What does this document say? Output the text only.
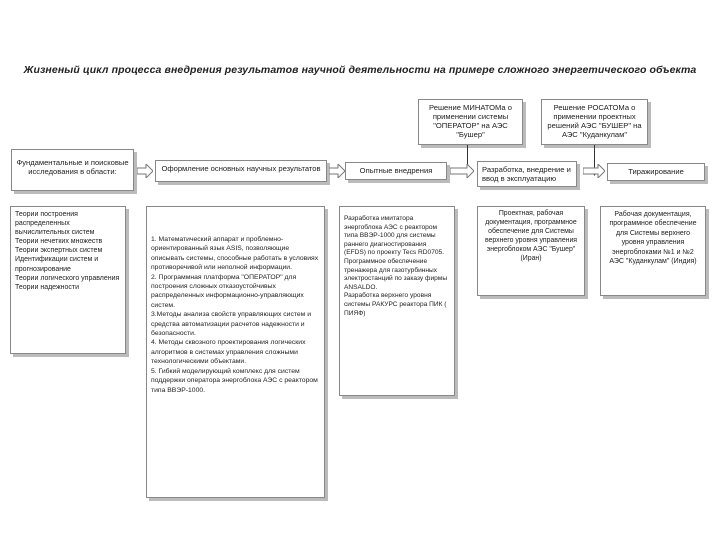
Жизненый цикл процесса внедрения результатов научной деятельности на примере сложного энергетического объекта
Решение МИНАТОМа о применении системы "ОПЕРАТОР" на АЭС "Бушер"
Решение РОСАТОМа о применении проектных решений АЭС "БУШЕР" на АЭС "Куданкулам"
Фундаментальные и поисковые исследования в области:	Оформление основных научных результатов	Опытные внедрения	Разработка, внедрение и ввод в эксплуатацию
Тиражирование

Теории построения распределенных вычислительных систем

Теории нечетких множеств

Теории экспертных систем

Идентификации систем и прогнозирование

Теории логического управления

Теории надежности

1. Математический аппарат и проблемно-ориентированный язык ASIS, позволяющие описывать системы, способные работать в условиях противоречивой или неполной информации.

2. Программная платформа "ОПЕРАТОР" для построения сложных отказоустойчивых распределенных информационно-управляющих систем.

3.Методы анализа свойств управляющих систем и средства автоматизации расчетов надежности и безопасности.

4. Методы сквозного проектирования логических алгоритмов в системах управления сложными технологическими объектами.

5. Гибкий моделирующий комплекс для систем поддержки оператора энергоблока АЭС с реактором типа ВВЭР-1000.

Разработка имитатора энергоблока АЭС с реактором типа ВВЭР-1000 для системы раннего диагностирования (EFDS) по проекту Tecs RD0705.

Программное обеспечение тренажера для газотурбинных электростанций по заказу фирмы ANSALDO.

Разработка верхнего уровня системы РАКУРС реактора ПИК ( ПИЯФ)

Проектная, рабочая документация, программное обеспечение для Системы верхнего уровня управления энергоблоком АЭС "Бушер" (Иран)

Рабочая документация, программное обеспечение для Системы верхнего уровня управления энергоблоками №1 и №2 АЭС "Куданкулам" (Индия)
